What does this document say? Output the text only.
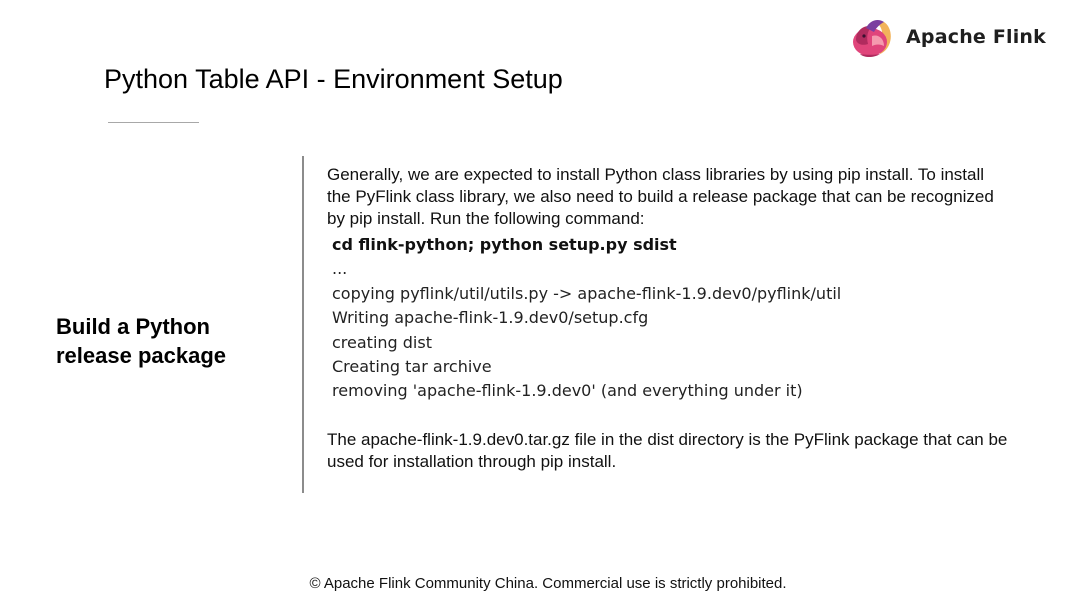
Apache Flink
Python Table API - Environment Setup
Build a Python release package
Generally, we are expected to install Python class libraries by using pip install. To install the PyFlink class library, we also need to build a release package that can be recognized by pip install. Run the following command:
cd flink-python; python setup.py sdist
...
copying pyflink/util/utils.py -> apache-flink-1.9.dev0/pyflink/util
Writing apache-flink-1.9.dev0/setup.cfg
creating dist
Creating tar archive
removing 'apache-flink-1.9.dev0' (and everything under it)
The apache-flink-1.9.dev0.tar.gz file in the dist directory is the PyFlink package that can be used for installation through pip install.
© Apache Flink Community China. Commercial use is strictly prohibited.
